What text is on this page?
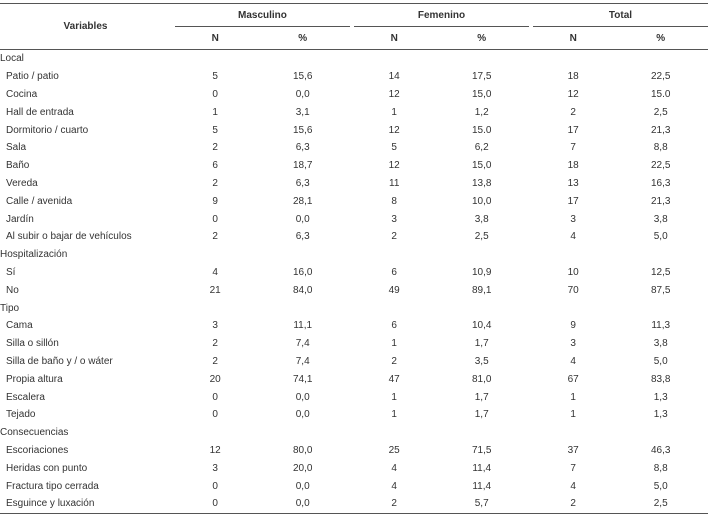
Variables		Masculino			Femenino			Total	
		N	%		N	%		N	%
Local									
Patio / patio		5	15,6		14	17,5		18	22,5
Cocina		0	0,0		12	15,0		12	15.0
Hall de entrada		1	3,1		1	1,2		2	2,5
Dormitorio / cuarto		5	15,6		12	15.0		17	21,3
Sala		2	6,3		5	6,2		7	8,8
Baño		6	18,7		12	15,0		18	22,5
Vereda		2	6,3		11	13,8		13	16,3
Calle / avenida		9	28,1		8	10,0		17	21,3
Jardín		0	0,0		3	3,8		3	3,8
Al subir o bajar de vehículos		2	6,3		2	2,5		4	5,0
Hospitalización									
Sí		4	16,0		6	10,9		10	12,5
No		21	84,0		49	89,1		70	87,5
Tipo									
Cama		3	11,1		6	10,4		9	11,3
Silla o sillón		2	7,4		1	1,7		3	3,8
Silla de baño y / o wáter		2	7,4		2	3,5		4	5,0
Propia altura		20	74,1		47	81,0		67	83,8
Escalera		0	0,0		1	1,7		1	1,3
Tejado		0	0,0		1	1,7		1	1,3
Consecuencias									
Escoriaciones		12	80,0		25	71,5		37	46,3
Heridas con punto		3	20,0		4	11,4		7	8,8
Fractura tipo cerrada		0	0,0		4	11,4		4	5,0
Esguince y luxación		0	0,0		2	5,7		2	2,5
